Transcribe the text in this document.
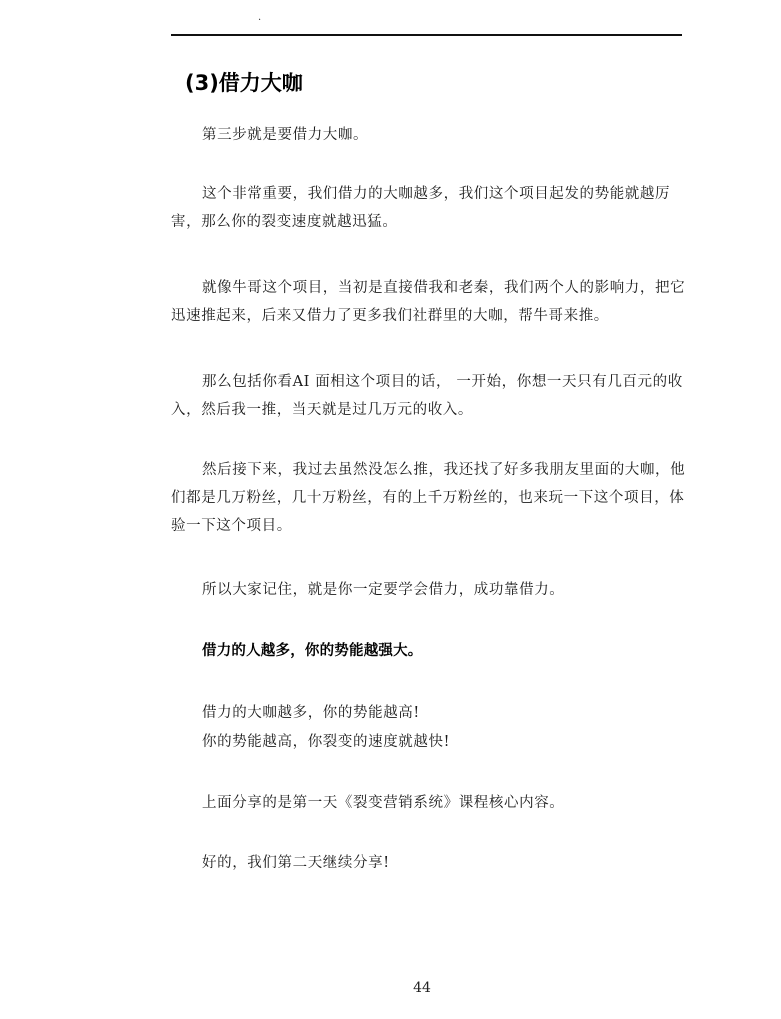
.
(3)借力大咖

第三步就是要借力大咖。

这个非常重要，我们借力的大咖越多，我们这个项目起发的势能就越厉害，那么你的裂变速度就越迅猛。

就像牛哥这个项目，当初是直接借我和老秦，我们两个人的影响力，把它迅速推起来，后来又借力了更多我们社群里的大咖，帮牛哥来推。

那么包括你看AI 面相这个项目的话， 一开始，你想一天只有几百元的收入，然后我一推，当天就是过几万元的收入。

然后接下来，我过去虽然没怎么推，我还找了好多我朋友里面的大咖，他们都是几万粉丝，几十万粉丝，有的上千万粉丝的，也来玩一下这个项目，体验一下这个项目。

所以大家记住，就是你一定要学会借力，成功靠借力。

借力的人越多，你的势能越强大。

借力的大咖越多，你的势能越高!

你的势能越高，你裂变的速度就越快!

上面分享的是第一天《裂变营销系统》课程核心内容。

好的，我们第二天继续分享!

44
